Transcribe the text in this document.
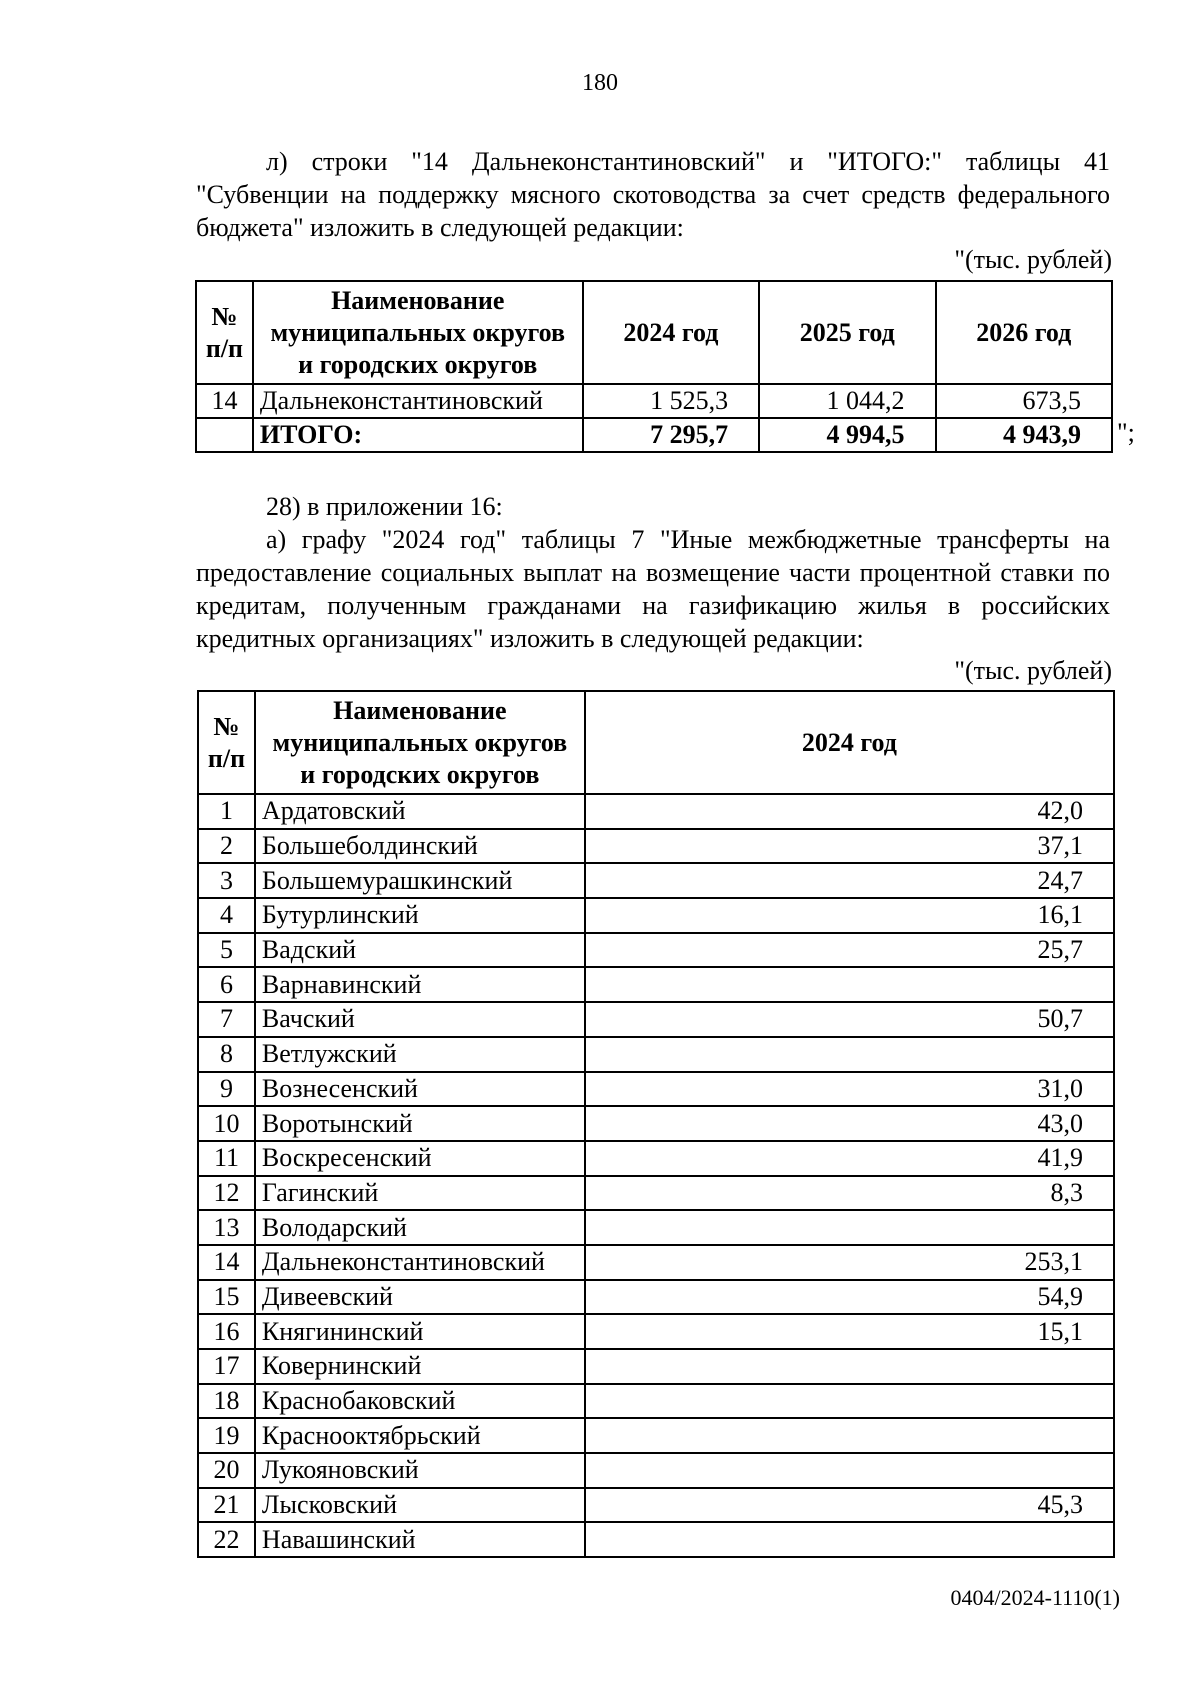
180

л) строки "14 Дальнеконстантиновский" и "ИТОГО:" таблицы 41 "Субвенции на поддержку мясного скотоводства за счет средств федерального бюджета" изложить в следующей редакции:

"(тыс. рублей)
№ п/п	Наименование муниципальных округов и городских округов	2024 год	2025 год	2026 год
14	Дальнеконстантиновский	1 525,3	1 044,2	673,5
	ИТОГО:	7 295,7	4 994,5	4 943,9 ";

28) в приложении 16:

а) графу "2024 год" таблицы 7 "Иные межбюджетные трансферты на предоставление социальных выплат на возмещение части процентной ставки по кредитам, полученным гражданами на газификацию жилья в российских кредитных организациях" изложить в следующей редакции:

"(тыс. рублей)
№ п/п	Наименование муниципальных округов и городских округов	2024 год
1	Ардатовский	42,0
2	Большеболдинский	37,1
3	Большемурашкинский	24,7
4	Бутурлинский	16,1
5	Вадский	25,7
6	Варнавинский	
7	Вачский	50,7
8	Ветлужский	
9	Вознесенский	31,0
10	Воротынский	43,0
11	Воскресенский	41,9
12	Гагинский	8,3
13	Володарский	
14	Дальнеконстантиновский	253,1
15	Дивеевский	54,9
16	Княгининский	15,1
17	Ковернинский	
18	Краснобаковский	
19	Краснооктябрьский	
20	Лукояновский	
21	Лысковский	45,3
22	Навашинский	
0404/2024-1110(1)
